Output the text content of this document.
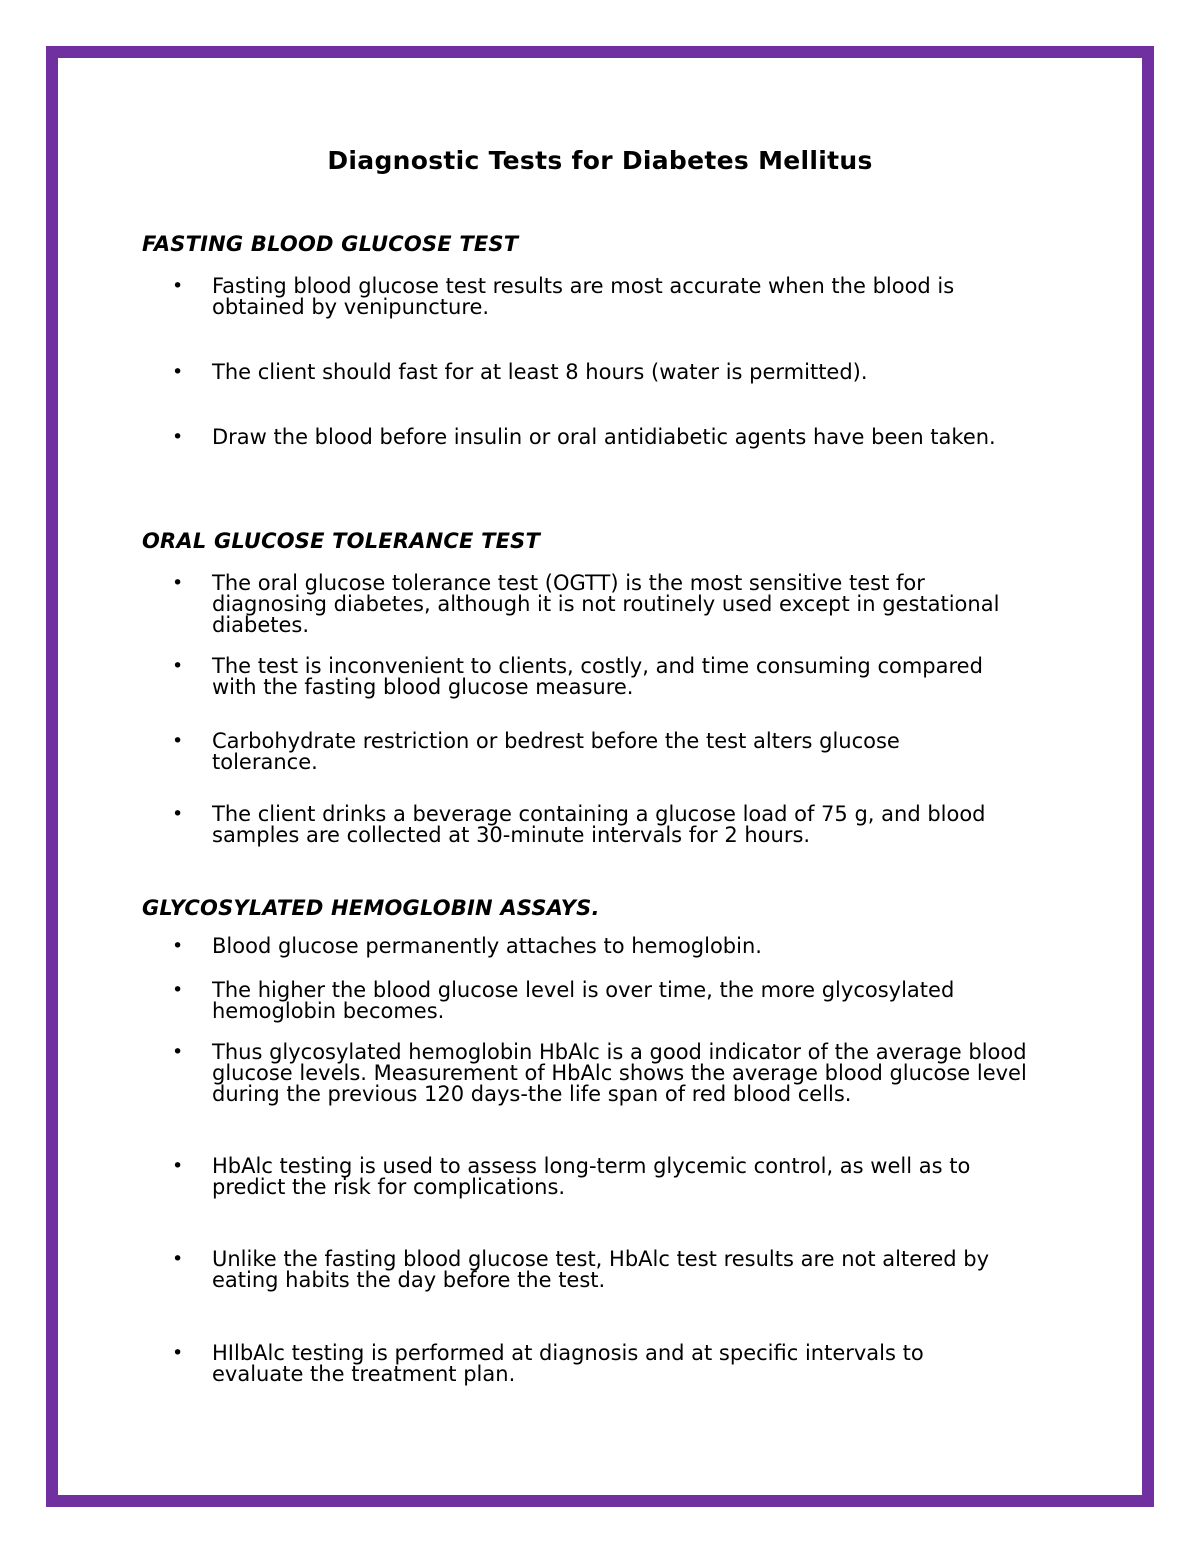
Diagnostic Tests for Diabetes Mellitus
FASTING BLOOD GLUCOSE TEST
•	Fasting blood glucose test results are most accurate when the blood is
obtained by venipuncture.
•	The client should fast for at least 8 hours (water is permitted).
•	Draw the blood before insulin or oral antidiabetic agents have been taken.
ORAL GLUCOSE TOLERANCE TEST
•	The oral glucose tolerance test (OGTT) is the most sensitive test for
diagnosing diabetes, although it is not routinely used except in gestational
diabetes.
•	The test is inconvenient to clients, costly, and time consuming compared
with the fasting blood glucose measure.
•	Carbohydrate restriction or bedrest before the test alters glucose
tolerance.
•	The client drinks a beverage containing a glucose load of 75 g, and blood
samples are collected at 30-minute intervals for 2 hours.
GLYCOSYLATED HEMOGLOBIN ASSAYS.
•	Blood glucose permanently attaches to hemoglobin.
•	The higher the blood glucose level is over time, the more glycosylated
hemoglobin becomes.
•	Thus glycosylated hemoglobin HbAlc is a good indicator of the average blood
glucose levels. Measurement of HbAlc shows the average blood glucose level
during the previous 120 days-the life span of red blood cells.
•	HbAlc testing is used to assess long-term glycemic control, as well as to
predict the risk for complications.
•	Unlike the fasting blood glucose test, HbAlc test results are not altered by
eating habits the day before the test.
•	HIlbAlc testing is performed at diagnosis and at specific intervals to
evaluate the treatment plan.
